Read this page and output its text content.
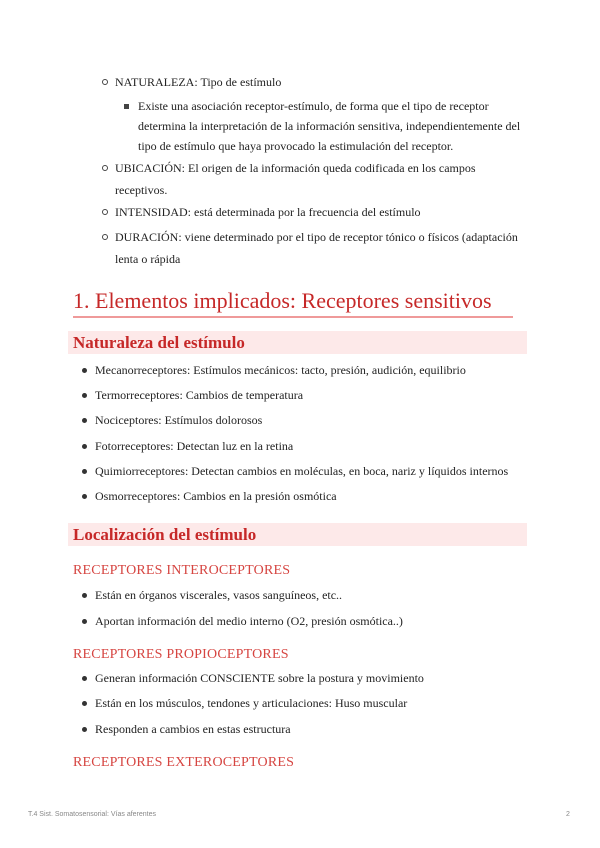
NATURALEZA: Tipo de estímulo
Existe una asociación receptor-estímulo, de forma que el tipo de receptor determina la interpretación de la información sensitiva, independientemente del tipo de estímulo que haya provocado la estimulación del receptor.
UBICACIÓN: El origen de la información queda codificada en los campos receptivos.
INTENSIDAD: está determinada por la frecuencia del estímulo
DURACIÓN: viene determinado por el tipo de receptor tónico o físicos (adaptación lenta o rápida
1. Elementos implicados: Receptores sensitivos
Naturaleza del estímulo
Mecanorreceptores: Estímulos mecánicos: tacto, presión, audición, equilibrio
Termorreceptores: Cambios de temperatura
Nociceptores: Estímulos dolorosos
Fotorreceptores: Detectan luz en la retina
Quimiorreceptores: Detectan cambios en moléculas, en boca, nariz y líquidos internos
Osmorreceptores: Cambios en la presión osmótica
Localización del estímulo
RECEPTORES INTEROCEPTORES
Están en órganos viscerales, vasos sanguíneos, etc..
Aportan información del medio interno (O2, presión osmótica..)
RECEPTORES PROPIOCEPTORES
Generan información CONSCIENTE sobre la postura y movimiento
Están en los músculos, tendones y articulaciones: Huso muscular
Responden a cambios en estas estructura
RECEPTORES EXTEROCEPTORES
T.4 Sist. Somatosensorial: Vías aferentes	2
